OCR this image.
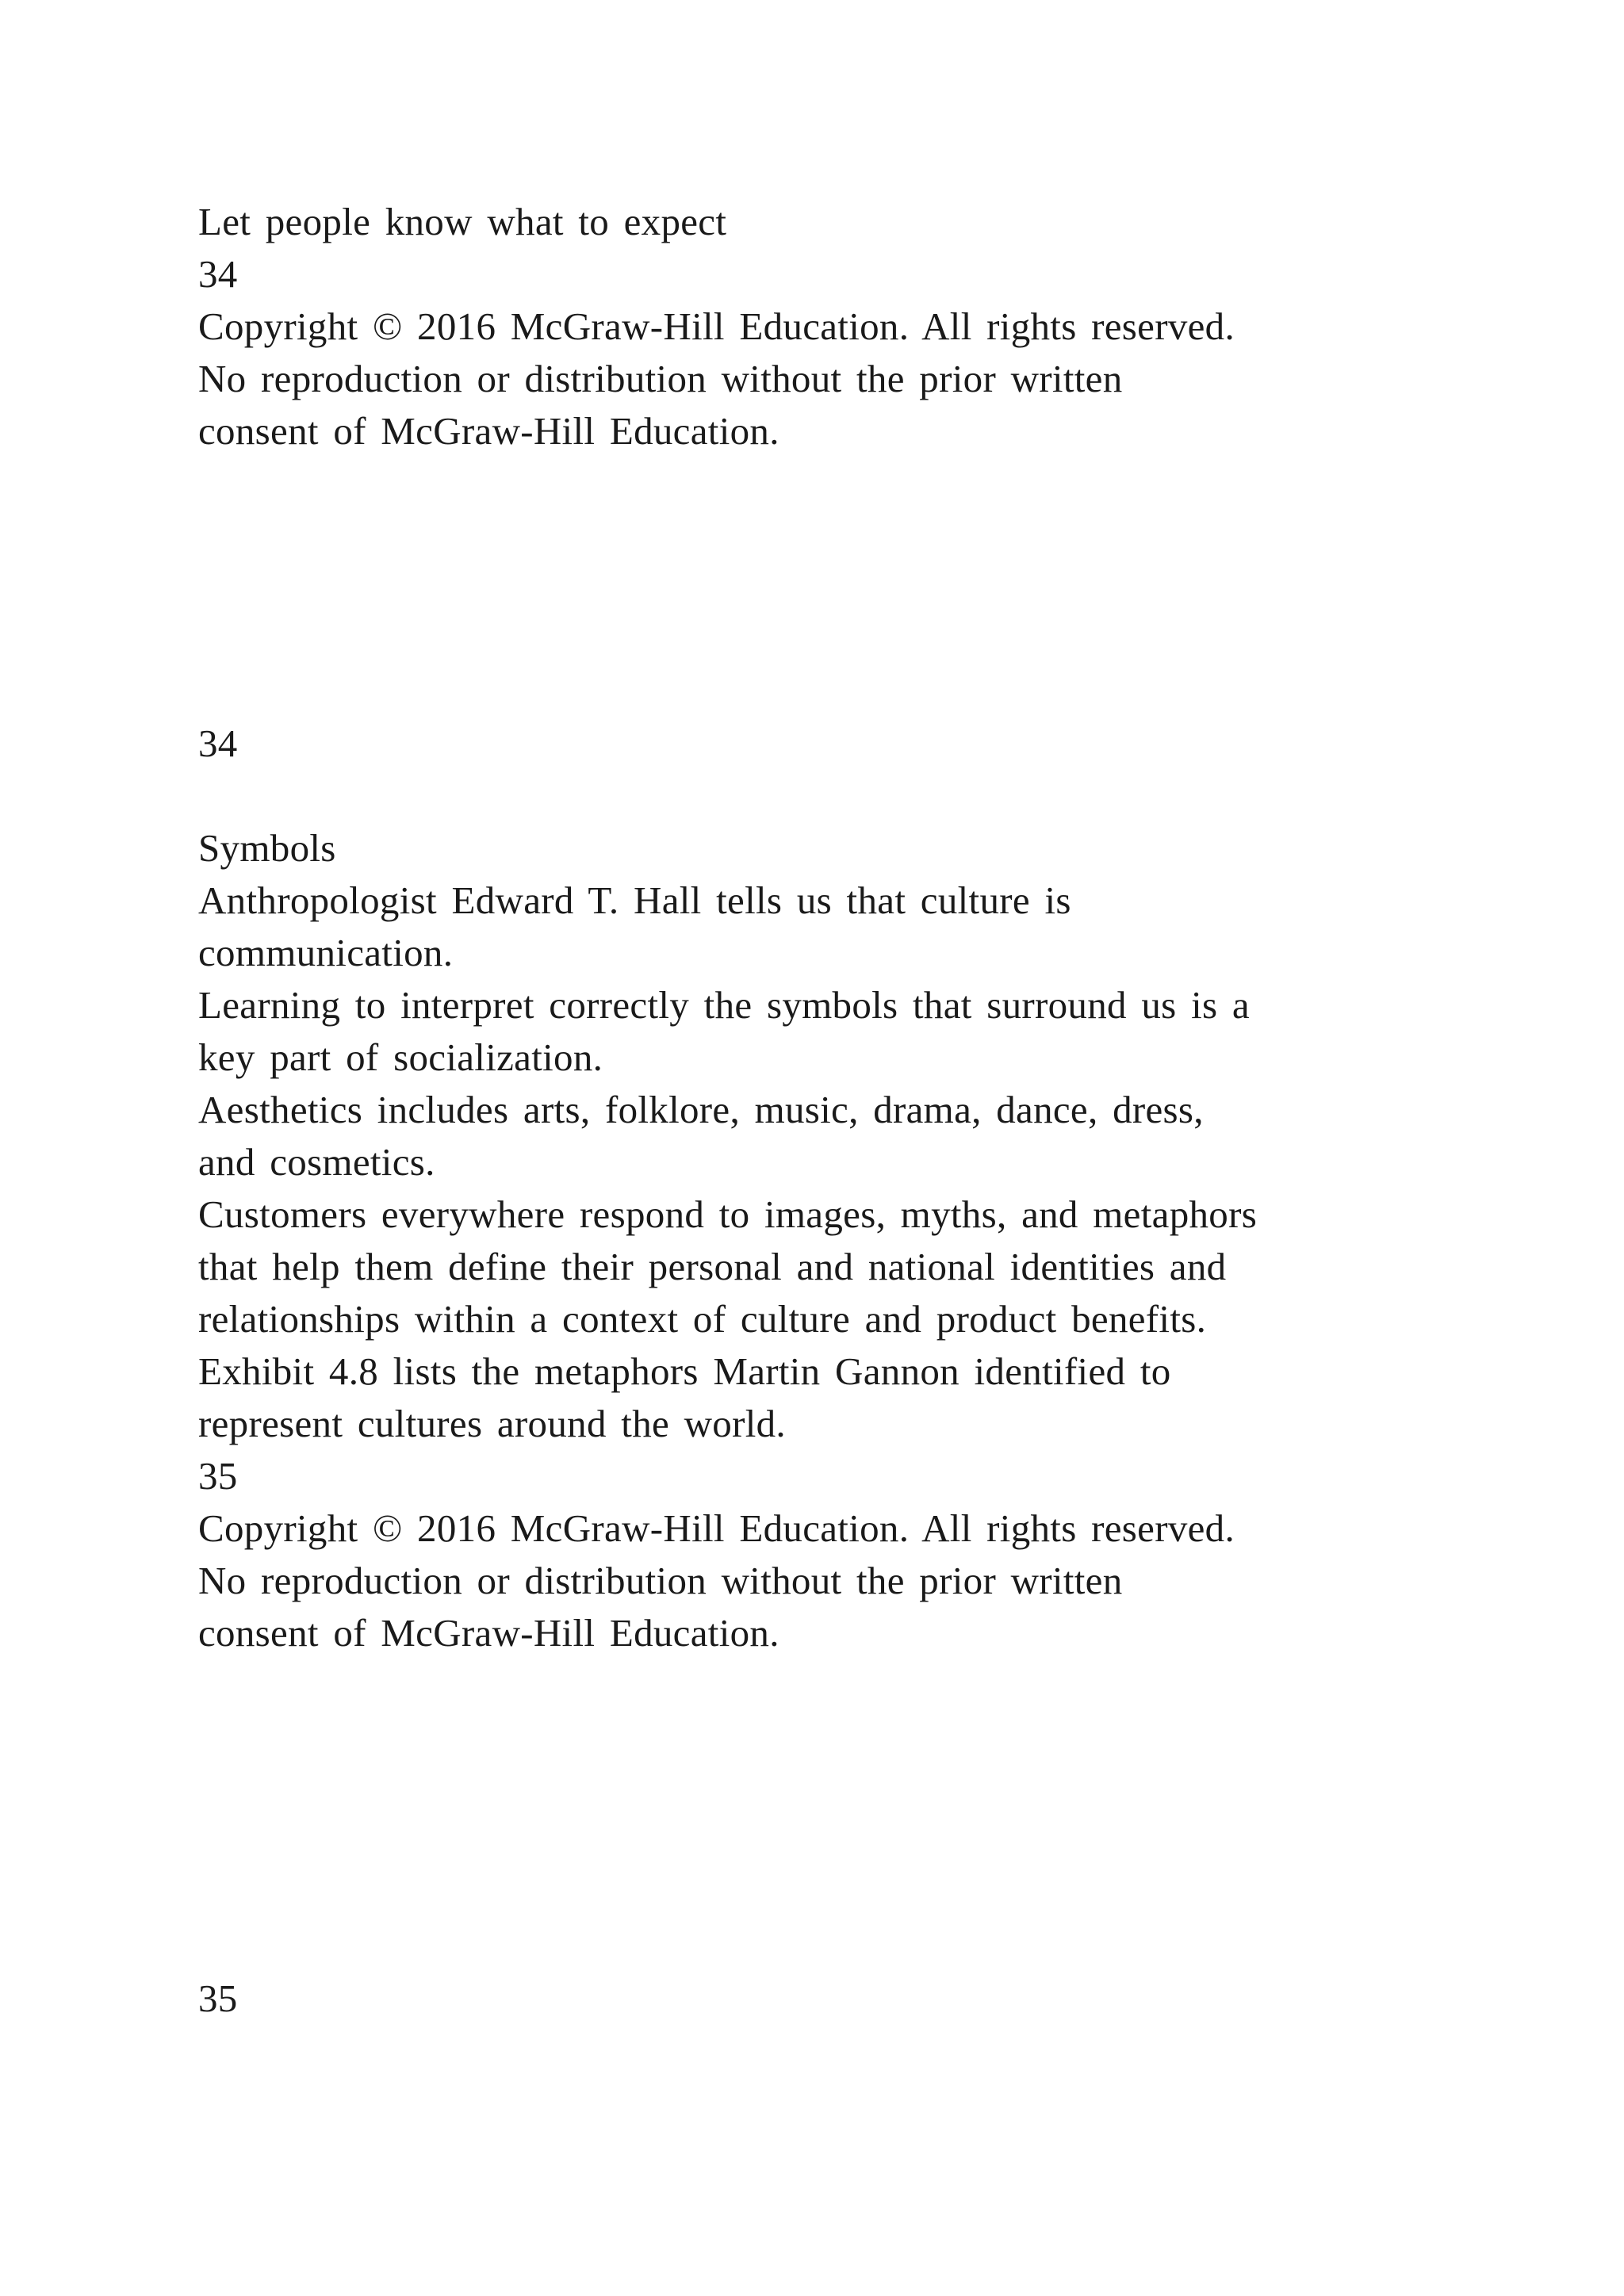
Let people know what to expect
34
Copyright © 2016 McGraw-Hill Education. All rights reserved.
No reproduction or distribution without the prior written
consent of McGraw-Hill Education.
34
Symbols
Anthropologist Edward T. Hall tells us that culture is
communication.
Learning to interpret correctly the symbols that surround us is a
key part of socialization.
Aesthetics includes arts, folklore, music, drama, dance, dress,
and cosmetics.
Customers everywhere respond to images, myths, and metaphors
that help them define their personal and national identities and
relationships within a context of culture and product benefits.
Exhibit 4.8 lists the metaphors Martin Gannon identified to
represent cultures around the world.
35
Copyright © 2016 McGraw-Hill Education. All rights reserved.
No reproduction or distribution without the prior written
consent of McGraw-Hill Education.
35
